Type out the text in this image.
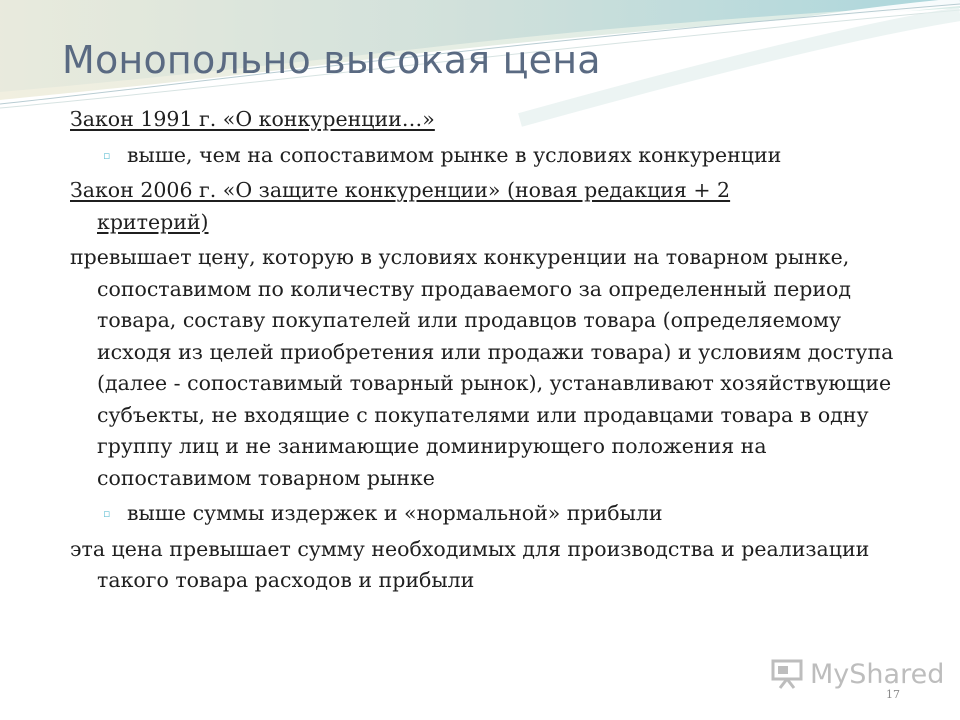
Монопольно высокая цена
Закон 1991 г. «О конкуренции…»
▫ выше, чем на сопоставимом рынке в условиях конкуренции
Закон 2006 г. «О защите конкуренции» (новая редакция + 2
критерий)
превышает цену, которую в условиях конкуренции на товарном рынке, сопоставимом по количеству продаваемого за определенный период товара, составу покупателей или продавцов товара (определяемому исходя из целей приобретения или продажи товара) и условиям доступа (далее - сопоставимый товарный рынок), устанавливают хозяйствующие субъекты, не входящие с покупателями или продавцами товара в одну группу лиц и не занимающие доминирующего положения на сопоставимом товарном рынке
▫ выше суммы издержек и «нормальной» прибыли
эта цена превышает сумму необходимых для производства и реализации такого товара расходов и прибыли
MyShared
17
